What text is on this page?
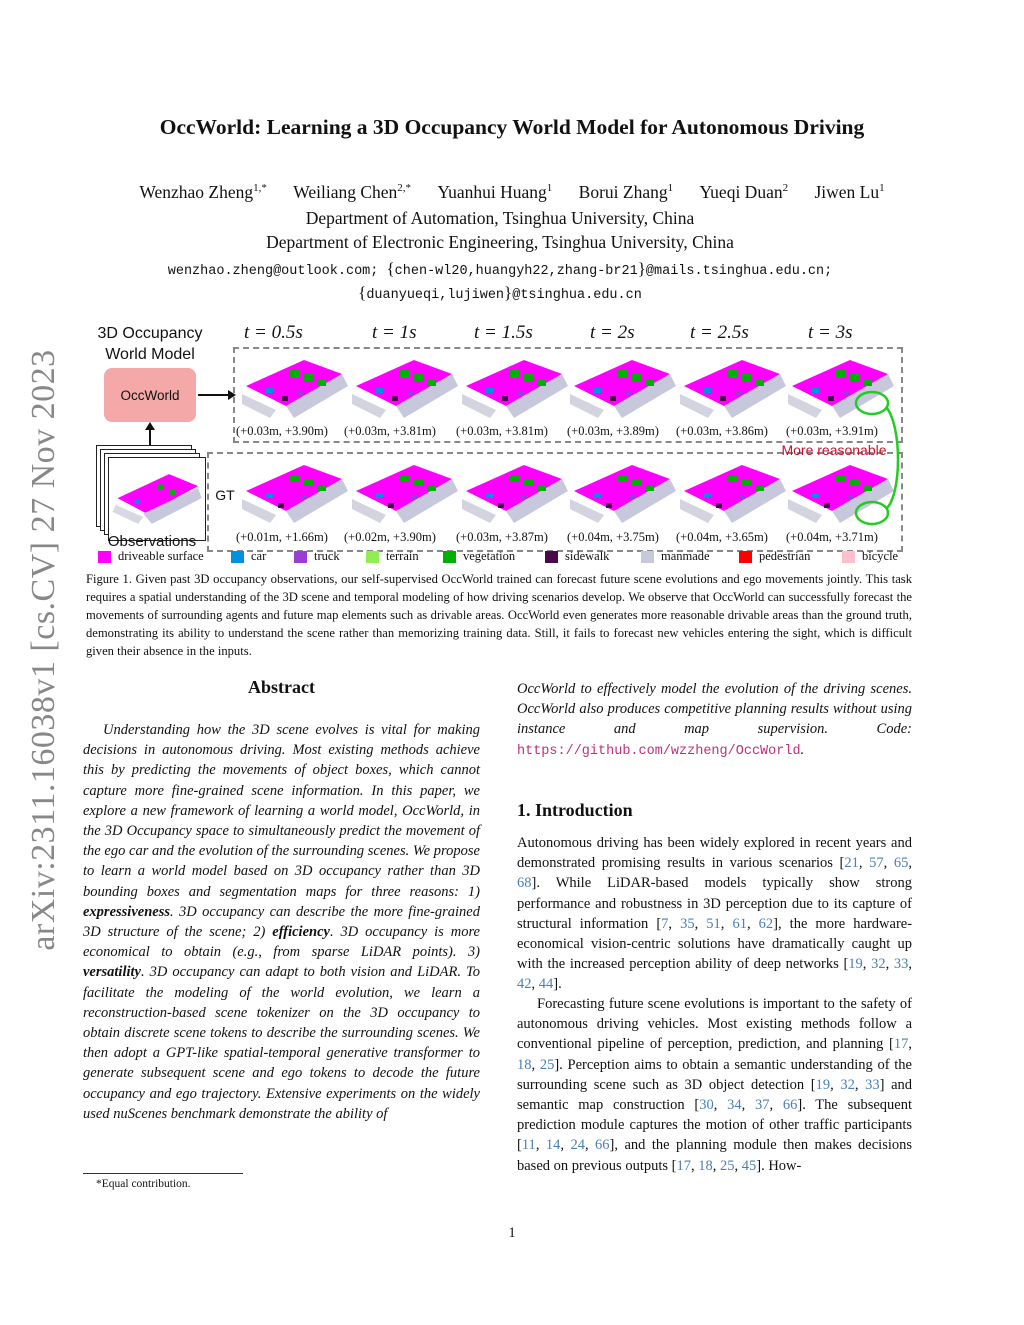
arXiv:2311.16038v1 [cs.CV] 27 Nov 2023
OccWorld: Learning a 3D Occupancy World Model for Autonomous Driving
Wenzhao Zheng$^{1,*}$ Weiliang Chen$^{2,*}$ Yuanhui Huang$^1$ Borui Zhang$^1$ Yueqi Duan$^2$ Jiwen Lu$^1$
Department of Automation, Tsinghua University, China
Department of Electronic Engineering, Tsinghua University, China
wenzhao.zheng@outlook.com; {chen-wl20,huangyh22,zhang-br21}@mails.tsinghua.edu.cn;
{duanyueqi,lujiwen}@tsinghua.edu.cn
3D Occupancy
World Model
OccWorld
Observations
GT
t = 0.5s	t = 1s	t = 1.5s	t = 2s	t = 2.5s	t = 3s
(+0.03m, +3.90m) (+0.03m, +3.81m) (+0.03m, +3.81m) (+0.03m, +3.89m) (+0.03m, +3.86m) (+0.03m, +3.91m)
More reasonable
(+0.01m, +1.66m) (+0.02m, +3.90m) (+0.03m, +3.87m) (+0.04m, +3.75m) (+0.04m, +3.65m) (+0.04m, +3.71m)
driveable surface	car	truck	terrain	vegetation	sidewalk	manmade	pedestrian	bicycle
Figure 1. Given past 3D occupancy observations, our self-supervised OccWorld trained can forecast future scene evolutions and ego movements jointly. This task requires a spatial understanding of the 3D scene and temporal modeling of how driving scenarios develop. We observe that OccWorld can successfully forecast the movements of surrounding agents and future map elements such as drivable areas. OccWorld even generates more reasonable drivable areas than the ground truth, demonstrating its ability to understand the scene rather than memorizing training data. Still, it fails to forecast new vehicles entering the sight, which is difficult given their absence in the inputs.
Abstract
Understanding how the 3D scene evolves is vital for making decisions in autonomous driving. Most existing methods achieve this by predicting the movements of object boxes, which cannot capture more fine-grained scene information. In this paper, we explore a new framework of learning a world model, OccWorld, in the 3D Occupancy space to simultaneously predict the movement of the ego car and the evolution of the surrounding scenes. We propose to learn a world model based on 3D occupancy rather than 3D bounding boxes and segmentation maps for three reasons: 1) expressiveness. 3D occupancy can describe the more fine-grained 3D structure of the scene; 2) efficiency. 3D occupancy is more economical to obtain (e.g., from sparse LiDAR points). 3) versatility. 3D occupancy can adapt to both vision and LiDAR. To facilitate the modeling of the world evolution, we learn a reconstruction-based scene tokenizer on the 3D occupancy to obtain discrete scene tokens to describe the surrounding scenes. We then adopt a GPT-like spatial-temporal generative transformer to generate subsequent scene and ego tokens to decode the future occupancy and ego trajectory. Extensive experiments on the widely used nuScenes benchmark demonstrate the ability of
OccWorld to effectively model the evolution of the driving scenes. OccWorld also produces competitive planning results without using instance and map supervision. Code: https://github.com/wzzheng/OccWorld.
1. Introduction
Autonomous driving has been widely explored in recent years and demonstrated promising results in various scenarios [21, 57, 65, 68]. While LiDAR-based models typically show strong performance and robustness in 3D perception due to its capture of structural information [7, 35, 51, 61, 62], the more hardware-economical vision-centric solutions have dramatically caught up with the increased perception ability of deep networks [19, 32, 33, 42, 44].
Forecasting future scene evolutions is important to the safety of autonomous driving vehicles. Most existing methods follow a conventional pipeline of perception, prediction, and planning [17, 18, 25]. Perception aims to obtain a semantic understanding of the surrounding scene such as 3D object detection [19, 32, 33] and semantic map construction [30, 34, 37, 66]. The subsequent prediction module captures the motion of other traffic participants [11, 14, 24, 66], and the planning module then makes decisions based on previous outputs [17, 18, 25, 45]. How-
*Equal contribution.
1
